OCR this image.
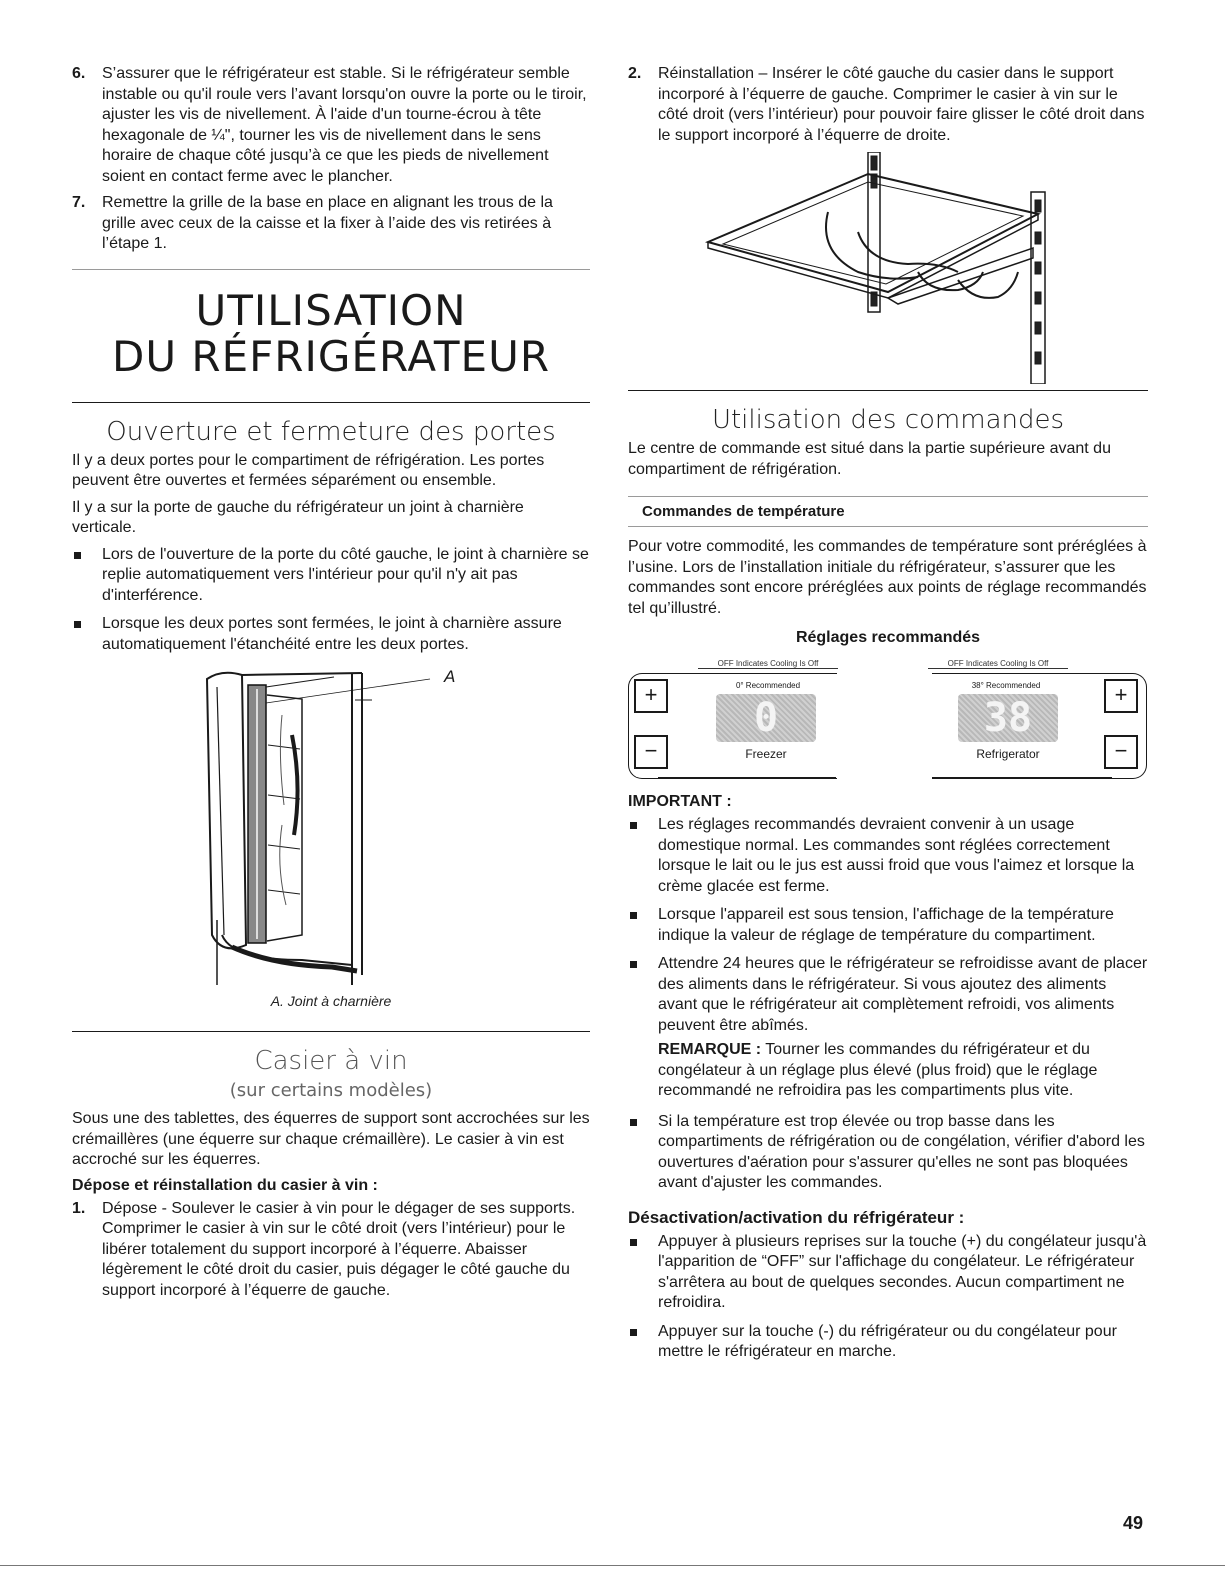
6. S’assurer que le réfrigérateur est stable. Si le réfrigérateur semble instable ou qu'il roule vers l’avant lorsqu'on ouvre la porte ou le tiroir, ajuster les vis de nivellement. À l'aide d'un tourne-écrou à tête hexagonale de ¼", tourner les vis de nivellement dans le sens horaire de chaque côté jusqu’à ce que les pieds de nivellement soient en contact ferme avec le plancher.
7. Remettre la grille de la base en place en alignant les trous de la grille avec ceux de la caisse et la fixer à l’aide des vis retirées à l’étape 1.
UTILISATION
DU RÉFRIGÉRATEUR
Ouverture et fermeture des portes

Il y a deux portes pour le compartiment de réfrigération. Les portes peuvent être ouvertes et fermées séparément ou ensemble.

Il y a sur la porte de gauche du réfrigérateur un joint à charnière verticale.

Lors de l'ouverture de la porte du côté gauche, le joint à charnière se replie automatiquement vers l'intérieur pour qu'il n'y ait pas d'interférence.
Lorsque les deux portes sont fermées, le joint à charnière assure automatiquement l'étanchéité entre les deux portes.
A
A. Joint à charnière
Casier à vin
(sur certains modèles)

Sous une des tablettes, des équerres de support sont accrochées sur les crémaillères (une équerre sur chaque crémaillère). Le casier à vin est accroché sur les équerres.

Dépose et réinstallation du casier à vin :
1. Dépose - Soulever le casier à vin pour le dégager de ses supports. Comprimer le casier à vin sur le côté droit (vers l’intérieur) pour le libérer totalement du support incorporé à l’équerre. Abaisser légèrement le côté droit du casier, puis dégager le côté gauche du support incorporé à l’équerre de gauche.
2. Réinstallation – Insérer le côté gauche du casier dans le support incorporé à l’équerre de gauche. Comprimer le casier à vin sur le côté droit (vers l’intérieur) pour pouvoir faire glisser le côté droit dans le support incorporé à l’équerre de droite.
Utilisation des commandes

Le centre de commande est situé dans la partie supérieure avant du compartiment de réfrigération.

Commandes de température

Pour votre commodité, les commandes de température sont préréglées à l’usine. Lors de l’installation initiale du réfrigérateur, s’assurer que les commandes sont encore préréglées aux points de réglage recommandés tel qu’illustré.

Réglages recommandés
OFF Indicates Cooling Is Off
+
−
0° Recommended
0
Freezer
OFF Indicates Cooling Is Off
+
−
38° Recommended
38
Refrigerator
IMPORTANT :
Les réglages recommandés devraient convenir à un usage domestique normal. Les commandes sont réglées correctement lorsque le lait ou le jus est aussi froid que vous l'aimez et lorsque la crème glacée est ferme.
Lorsque l'appareil est sous tension, l'affichage de la température indique la valeur de réglage de température du compartiment.
Attendre 24 heures que le réfrigérateur se refroidisse avant de placer des aliments dans le réfrigérateur. Si vous ajoutez des aliments avant que le réfrigérateur ait complètement refroidi, vos aliments peuvent être abîmés.
REMARQUE : Tourner les commandes du réfrigérateur et du congélateur à un réglage plus élevé (plus froid) que le réglage recommandé ne refroidira pas les compartiments plus vite.
Si la température est trop élevée ou trop basse dans les compartiments de réfrigération ou de congélation, vérifier d'abord les ouvertures d'aération pour s'assurer qu'elles ne sont pas bloquées avant d'ajuster les commandes.
Désactivation/activation du réfrigérateur :
Appuyer à plusieurs reprises sur la touche (+) du congélateur jusqu'à l'apparition de “OFF” sur l'affichage du congélateur. Le réfrigérateur s'arrêtera au bout de quelques secondes. Aucun compartiment ne refroidira.
Appuyer sur la touche (-) du réfrigérateur ou du congélateur pour mettre le réfrigérateur en marche.
49
